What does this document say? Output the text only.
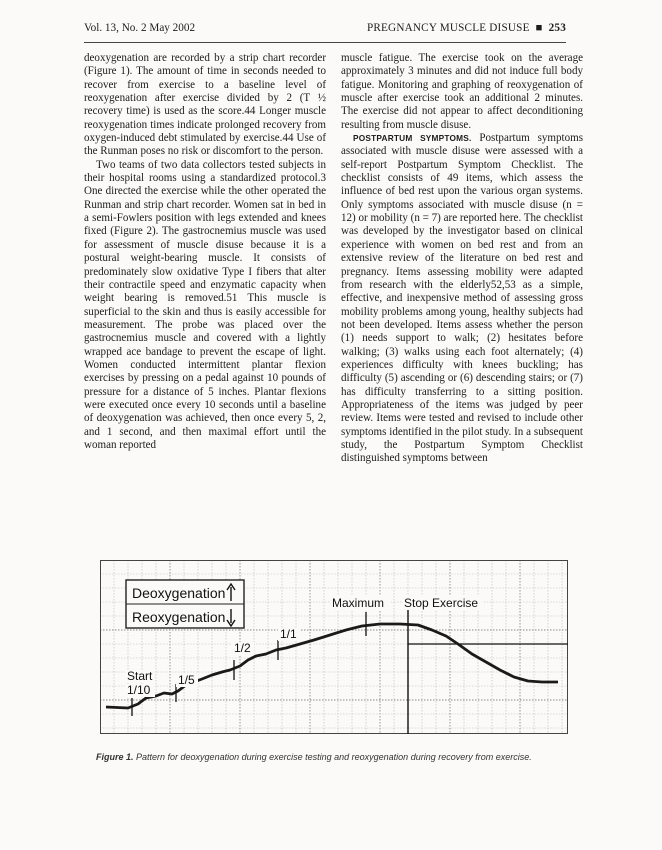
Vol. 13, No. 2 May 2002	PREGNANCY MUSCLE DISUSE ■ 253

deoxygenation are recorded by a strip chart recorder (Figure 1). The amount of time in seconds needed to recover from exercise to a baseline level of reoxygenation after exercise divided by 2 (T ½ recovery time) is used as the score.44 Longer muscle reoxygenation times indicate prolonged recovery from oxygen-induced debt stimulated by exercise.44 Use of the Runman poses no risk or discomfort to the person.

Two teams of two data collectors tested subjects in their hospital rooms using a standardized protocol.3 One directed the exercise while the other operated the Runman and strip chart recorder. Women sat in bed in a semi-Fowlers position with legs extended and knees fixed (Figure 2). The gastrocnemius muscle was used for assessment of muscle disuse because it is a postural weight-bearing muscle. It consists of predominately slow oxidative Type I fibers that alter their contractile speed and enzymatic capacity when weight bearing is removed.51 This muscle is superficial to the skin and thus is easily accessible for measurement. The probe was placed over the gastrocnemius muscle and covered with a lightly wrapped ace bandage to prevent the escape of light. Women conducted intermittent plantar flexion exercises by pressing on a pedal against 10 pounds of pressure for a distance of 5 inches. Plantar flexions were executed once every 10 seconds until a baseline of deoxygenation was achieved, then once every 5, 2, and 1 second, and then maximal effort until the woman reported

muscle fatigue. The exercise took on the average approximately 3 minutes and did not induce full body fatigue. Monitoring and graphing of reoxygenation of muscle after exercise took an additional 2 minutes. The exercise did not appear to affect deconditioning resulting from muscle disuse.

POSTPARTUM SYMPTOMS. Postpartum symptoms associated with muscle disuse were assessed with a self-report Postpartum Symptom Checklist. The checklist consists of 49 items, which assess the influence of bed rest upon the various organ systems. Only symptoms associated with muscle disuse (n = 12) or mobility (n = 7) are reported here. The checklist was developed by the investigator based on clinical experience with women on bed rest and from an extensive review of the literature on bed rest and pregnancy. Items assessing mobility were adapted from research with the elderly52,53 as a simple, effective, and inexpensive method of assessing gross mobility problems among young, healthy subjects had not been developed. Items assess whether the person (1) needs support to walk; (2) hesitates before walking; (3) walks using each foot alternately; (4) experiences difficulty with knees buckling; has difficulty (5) ascending or (6) descending stairs; or (7) has difficulty transferring to a sitting position. Appropriateness of the items was judged by peer review. Items were tested and revised to include other symptoms identified in the pilot study. In a subsequent study, the Postpartum Symptom Checklist distinguished symptoms between

Deoxygenation
Reoxygenation
Start
1/10
1/5
1/2
1/1
Maximum Stop Exercise
Figure 1. Pattern for deoxygenation during exercise testing and reoxygenation during recovery from exercise.
